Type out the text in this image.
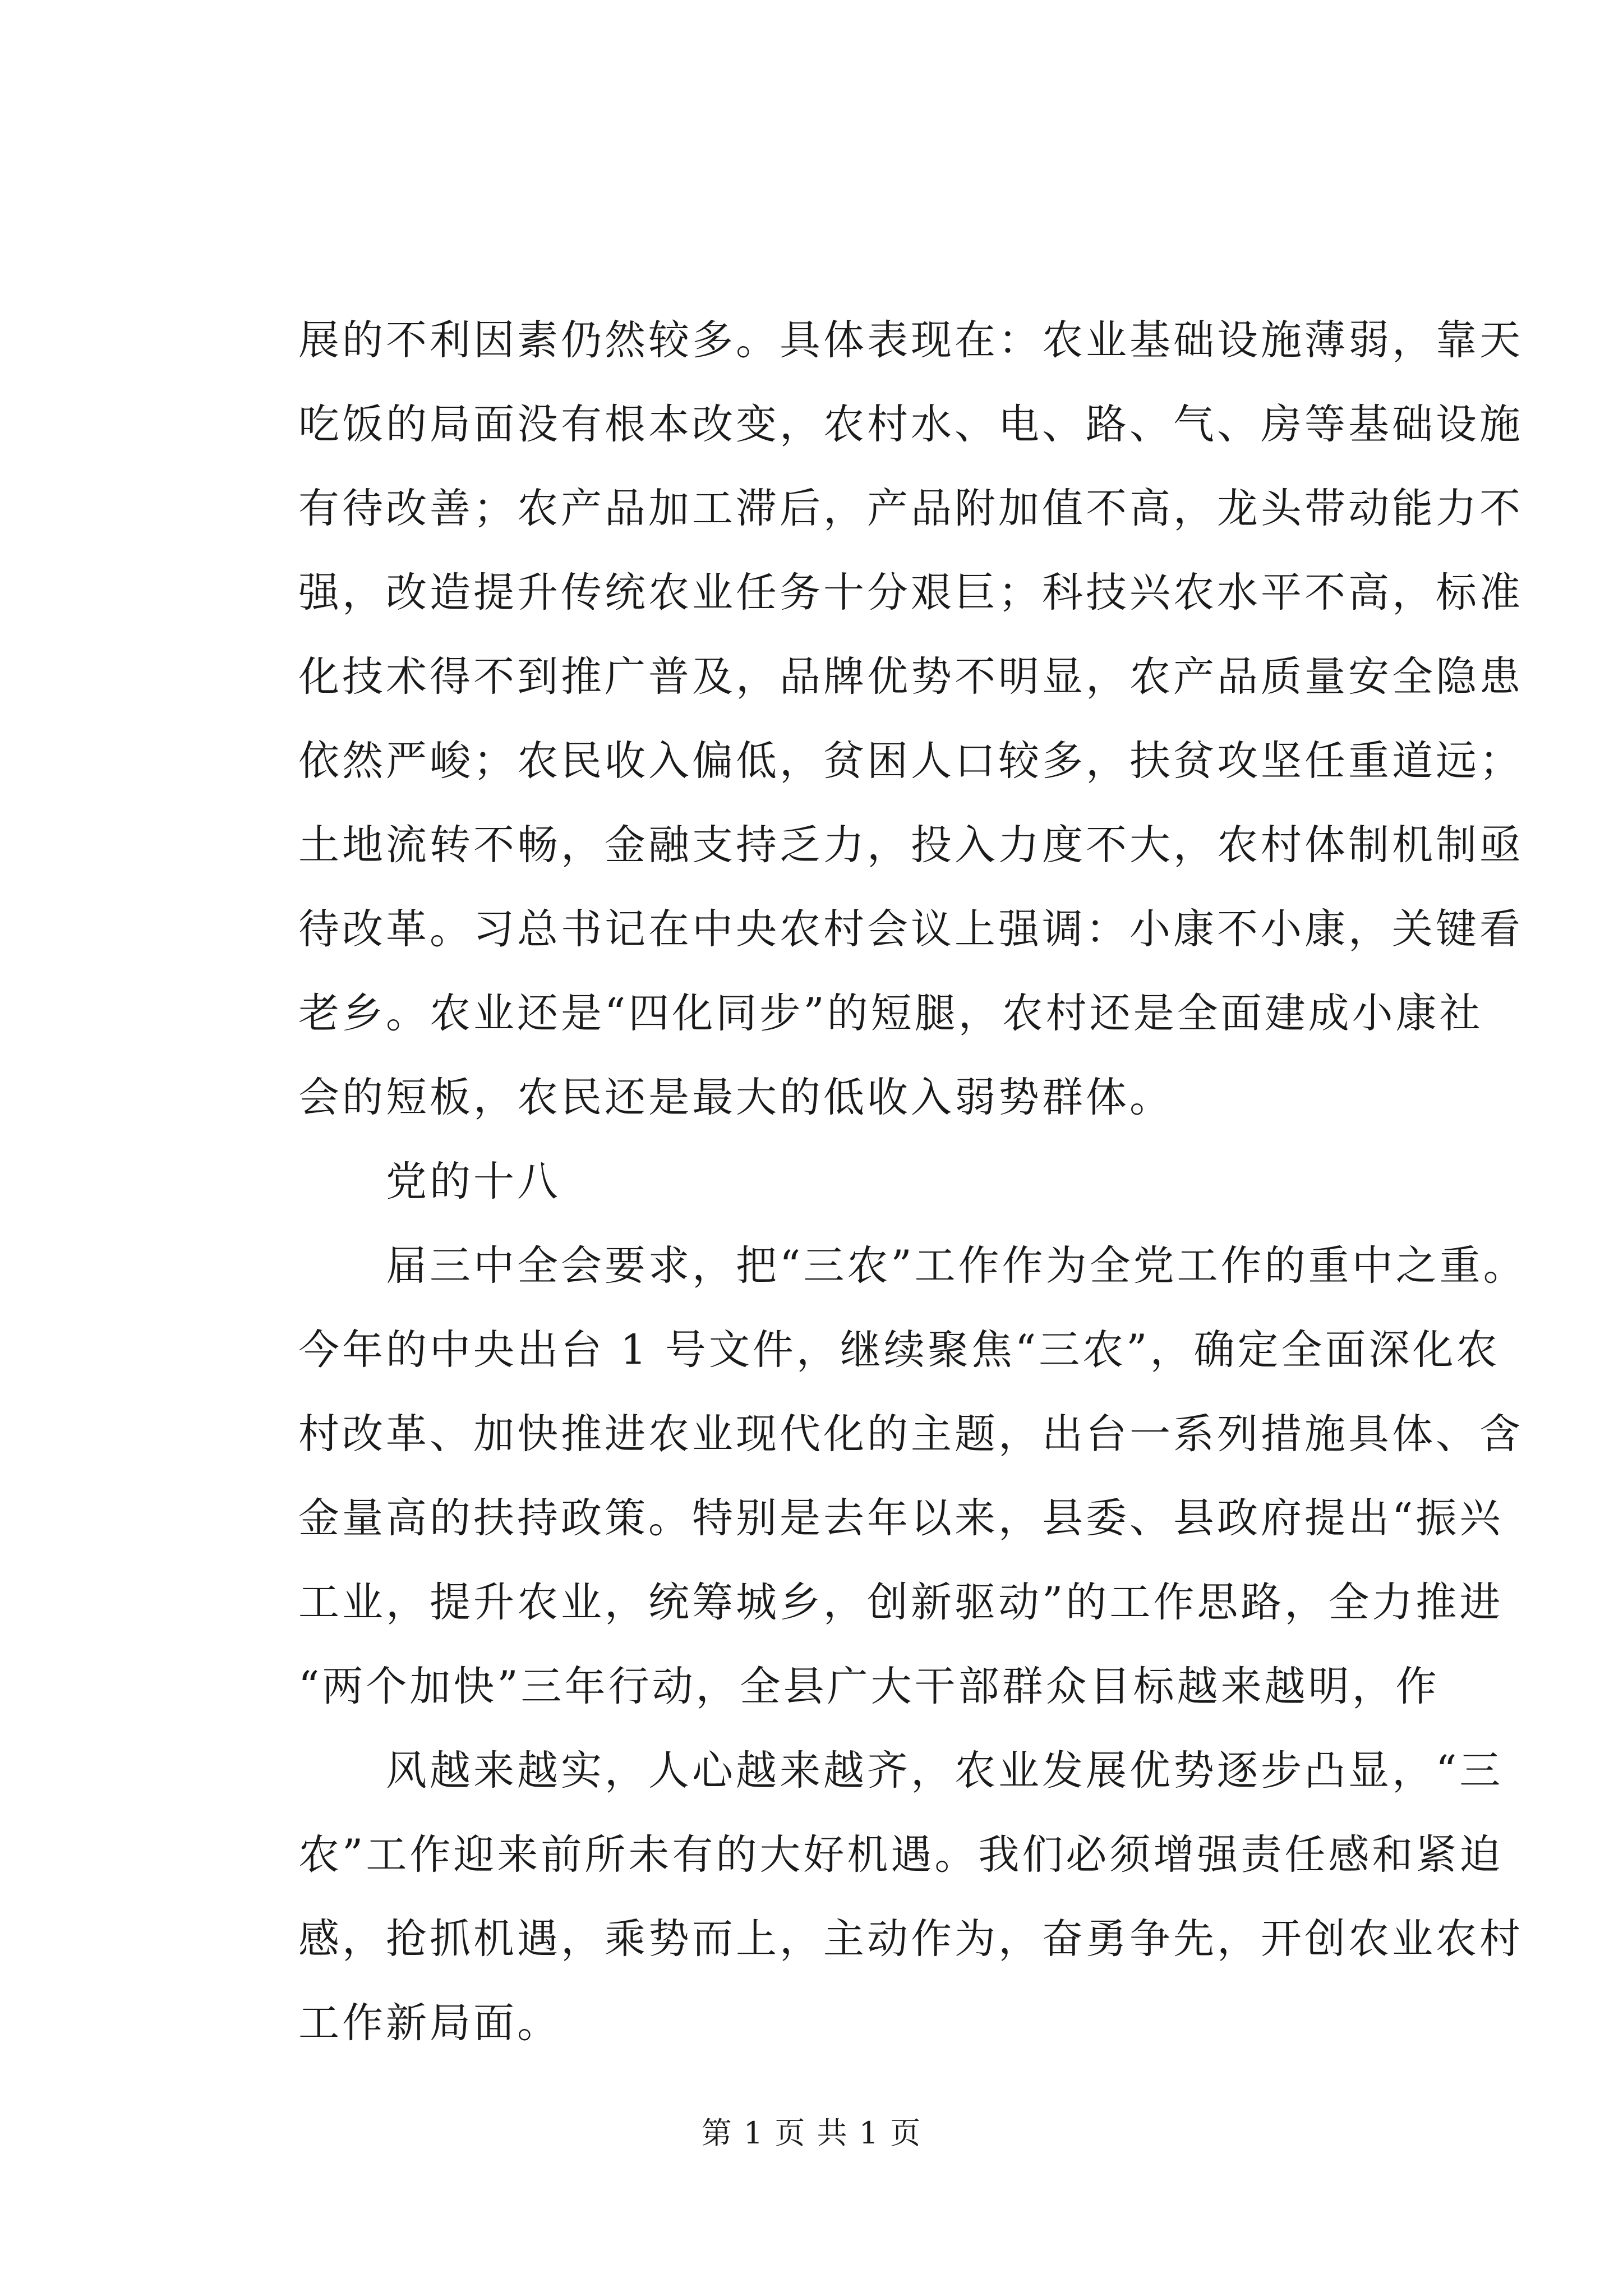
展的不利因素仍然较多。具体表现在：农业基础设施薄弱，靠天
吃饭的局面没有根本改变，农村水、电、路、气、房等基础设施
有待改善；农产品加工滞后，产品附加值不高，龙头带动能力不
强，改造提升传统农业任务十分艰巨；科技兴农水平不高，标准
化技术得不到推广普及，品牌优势不明显，农产品质量安全隐患
依然严峻；农民收入偏低，贫困人口较多，扶贫攻坚任重道远；
土地流转不畅，金融支持乏力，投入力度不大，农村体制机制亟
待改革。习总书记在中央农村会议上强调：小康不小康，关键看
老乡。农业还是“四化同步”的短腿，农村还是全面建成小康社
会的短板，农民还是最大的低收入弱势群体。
党的十八
届三中全会要求，把“三农”工作作为全党工作的重中之重。
今年的中央出台 1 号文件，继续聚焦“三农”，确定全面深化农
村改革、加快推进农业现代化的主题，出台一系列措施具体、含
金量高的扶持政策。特别是去年以来，县委、县政府提出“振兴
工业，提升农业，统筹城乡，创新驱动”的工作思路，全力推进
“两个加快”三年行动，全县广大干部群众目标越来越明，作
风越来越实，人心越来越齐，农业发展优势逐步凸显，“三
农”工作迎来前所未有的大好机遇。我们必须增强责任感和紧迫
感，抢抓机遇，乘势而上，主动作为，奋勇争先，开创农业农村
工作新局面。
第 1 页 共 1 页
